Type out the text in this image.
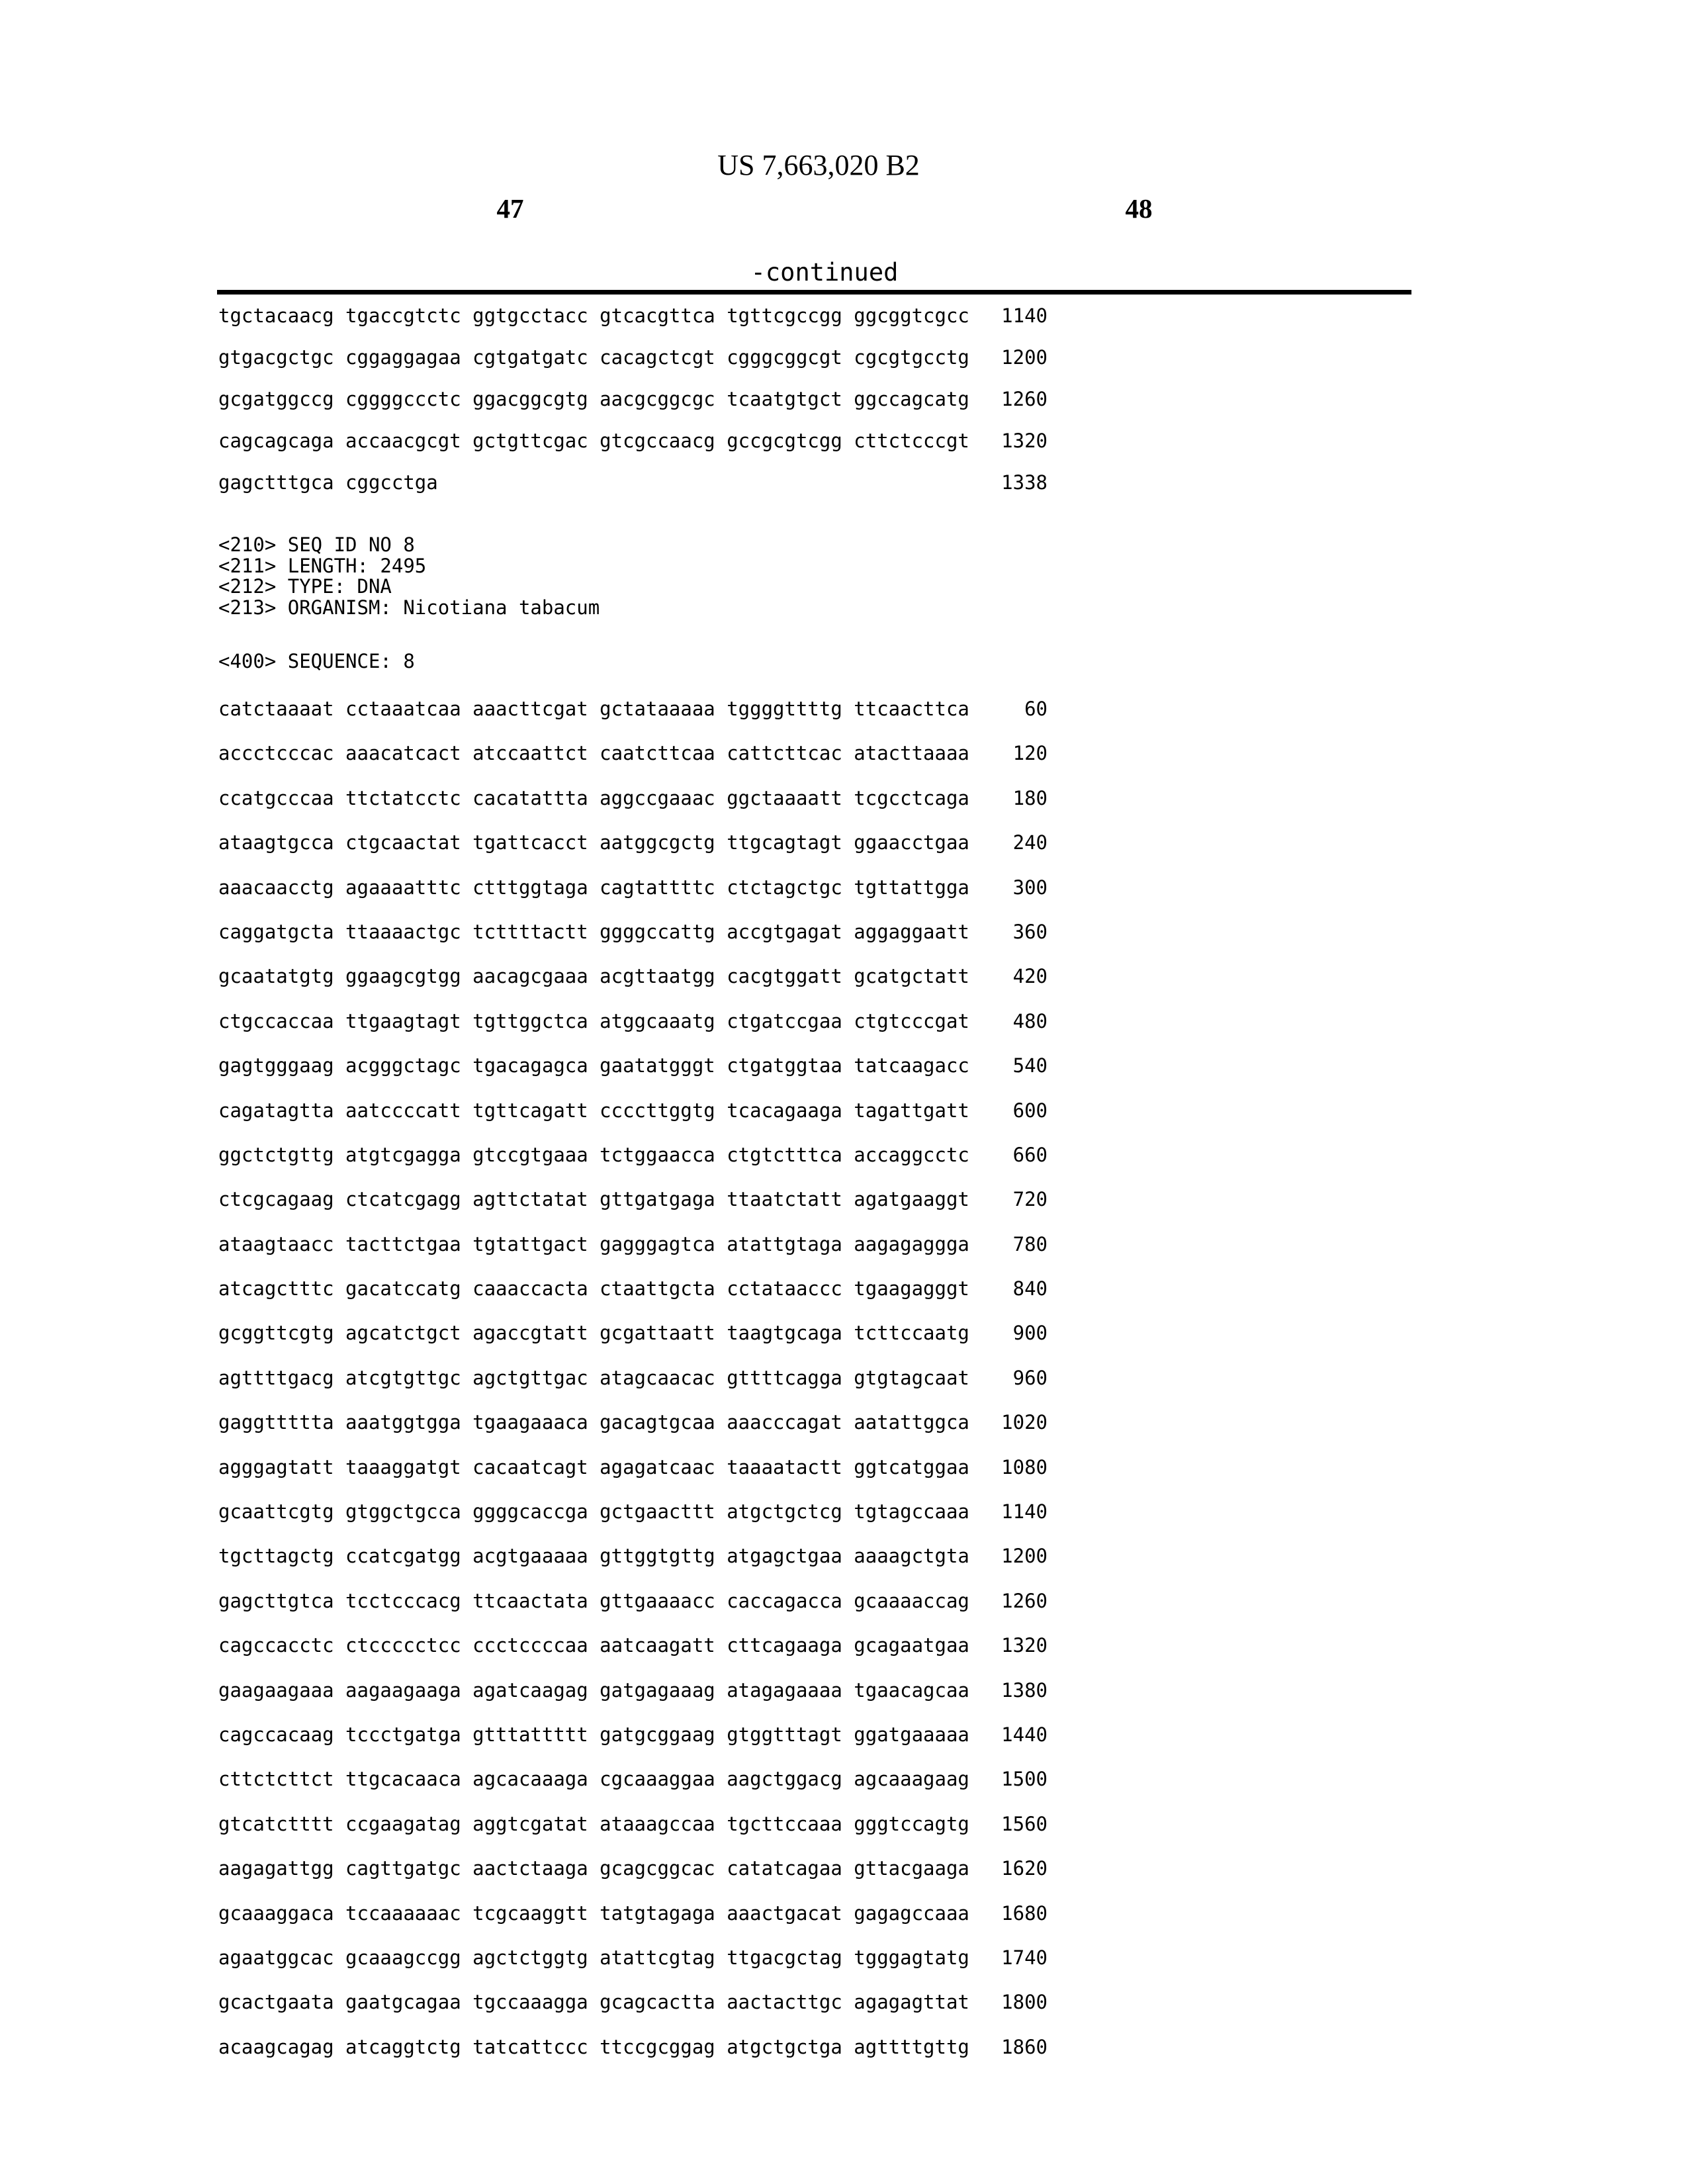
US 7,663,020 B2
47	48
-continued
tgctacaacg tgaccgtctc ggtgcctacc gtcacgttca tgttcgccgg ggcggtcgcc 1140
gtgacgctgc cggaggagaa cgtgatgatc cacagctcgt cgggcggcgt cgcgtgcctg 1200
gcgatggccg cggggccctc ggacggcgtg aacgcggcgc tcaatgtgct ggccagcatg 1260
cagcagcaga accaacgcgt gctgttcgac gtcgccaacg gccgcgtcgg cttctcccgt 1320
gagctttgca cggcctga	1338
<210> SEQ ID NO 8
<211> LENGTH: 2495
<212> TYPE: DNA
<213> ORGANISM: Nicotiana tabacum
<400> SEQUENCE: 8
catctaaaat cctaaatcaa aaacttcgat gctataaaaa tggggttttg ttcaacttca	60
accctcccac aaacatcact atccaattct caatcttcaa cattcttcac atacttaaaa 120
ccatgcccaa ttctatcctc cacatattta aggccgaaac ggctaaaatt tcgcctcaga 180
ataagtgcca ctgcaactat tgattcacct aatggcgctg ttgcagtagt ggaacctgaa 240
aaacaacctg agaaaatttc ctttggtaga cagtattttc ctctagctgc tgttattgga 300
caggatgcta ttaaaactgc tcttttactt ggggccattg accgtgagat aggaggaatt 360
gcaatatgtg ggaagcgtgg aacagcgaaa acgttaatgg cacgtggatt gcatgctatt 420
ctgccaccaa ttgaagtagt tgttggctca atggcaaatg ctgatccgaa ctgtcccgat 480
gagtgggaag acgggctagc tgacagagca gaatatgggt ctgatggtaa tatcaagacc 540
cagatagtta aatccccatt tgttcagatt ccccttggtg tcacagaaga tagattgatt 600
ggctctgttg atgtcgagga gtccgtgaaa tctggaacca ctgtctttca accaggcctc 660
ctcgcagaag ctcatcgagg agttctatat gttgatgaga ttaatctatt agatgaaggt 720
ataagtaacc tacttctgaa tgtattgact gagggagtca atattgtaga aagagaggga 780
atcagctttc gacatccatg caaaccacta ctaattgcta cctataaccc tgaagagggt 840
gcggttcgtg agcatctgct agaccgtatt gcgattaatt taagtgcaga tcttccaatg 900
agttttgacg atcgtgttgc agctgttgac atagcaacac gttttcagga gtgtagcaat 960
gaggttttta aaatggtgga tgaagaaaca gacagtgcaa aaacccagat aatattggca 1020
agggagtatt taaaggatgt cacaatcagt agagatcaac taaaatactt ggtcatggaa 1080
gcaattcgtg gtggctgcca ggggcaccga gctgaacttt atgctgctcg tgtagccaaa 1140
tgcttagctg ccatcgatgg acgtgaaaaa gttggtgttg atgagctgaa aaaagctgta 1200
gagcttgtca tcctcccacg ttcaactata gttgaaaacc caccagacca gcaaaaccag 1260
cagccacctc ctccccctcc ccctccccaa aatcaagatt cttcagaaga gcagaatgaa 1320
gaagaagaaa aagaagaaga agatcaagag gatgagaaag atagagaaaa tgaacagcaa 1380
cagccacaag tccctgatga gtttattttt gatgcggaag gtggtttagt ggatgaaaaa 1440
cttctcttct ttgcacaaca agcacaaaga cgcaaaggaa aagctggacg agcaaagaag 1500
gtcatctttt ccgaagatag aggtcgatat ataaagccaa tgcttccaaa gggtccagtg 1560
aagagattgg cagttgatgc aactctaaga gcagcggcac catatcagaa gttacgaaga 1620
gcaaaggaca tccaaaaaac tcgcaaggtt tatgtagaga aaactgacat gagagccaaa 1680
agaatggcac gcaaagccgg agctctggtg atattcgtag ttgacgctag tgggagtatg 1740
gcactgaata gaatgcagaa tgccaaagga gcagcactta aactacttgc agagagttat 1800
acaagcagag atcaggtctg tatcattccc ttccgcggag atgctgctga agttttgttg 1860
